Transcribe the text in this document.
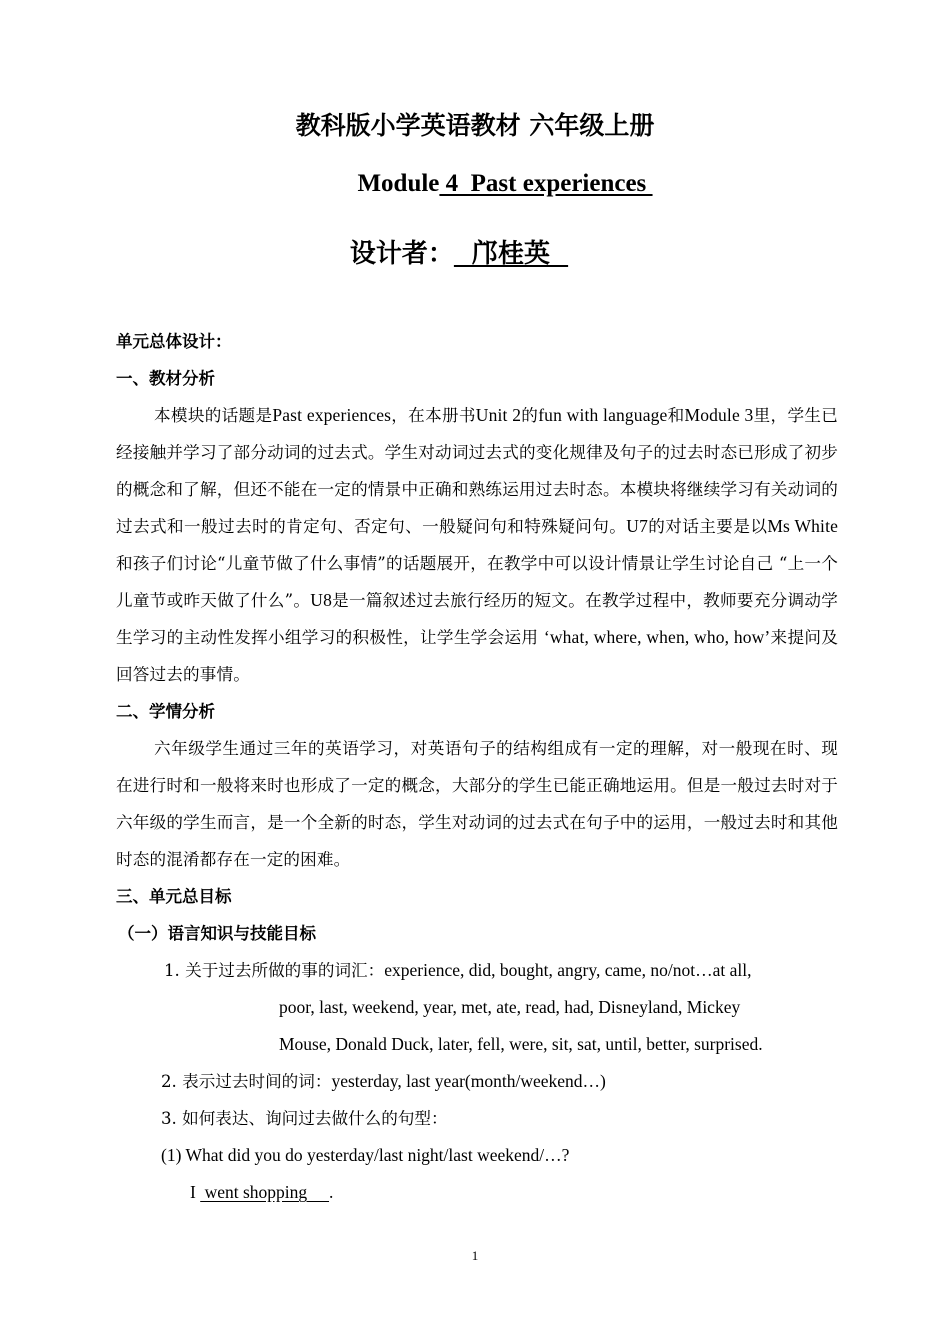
教科版小学英语教材 六年级上册
Module 4  Past experiences
设计者：  邝桂英
单元总体设计：
一、教材分析
本模块的话题是Past experiences，在本册书Unit 2的fun with language和Module 3里，学生已经接触并学习了部分动词的过去式。学生对动词过去式的变化规律及句子的过去时态已形成了初步的概念和了解，但还不能在一定的情景中正确和熟练运用过去时态。本模块将继续学习有关动词的过去式和一般过去时的肯定句、否定句、一般疑问句和特殊疑问句。U7的对话主要是以Ms White和孩子们讨论“儿童节做了什么事情”的话题展开，在教学中可以设计情景让学生讨论自己 “上一个儿童节或昨天做了什么”。U8是一篇叙述过去旅行经历的短文。在教学过程中，教师要充分调动学生学习的主动性发挥小组学习的积极性，让学生学会运用 ‘what, where, when, who, how’来提问及回答过去的事情。
二、学情分析
六年级学生通过三年的英语学习，对英语句子的结构组成有一定的理解，对一般现在时、现在进行时和一般将来时也形成了一定的概念，大部分的学生已能正确地运用。但是一般过去时对于六年级的学生而言，是一个全新的时态，学生对动词的过去式在句子中的运用，一般过去时和其他时态的混淆都存在一定的困难。
三、单元总目标
（一）语言知识与技能目标
1. 关于过去所做的事的词汇：experience, did, bought, angry, came, no/not…at all,
poor, last, weekend, year, met, ate, read, had, Disneyland, Mickey
Mouse, Donald Duck, later, fell, were, sit, sat, until, better, surprised.
2. 表示过去时间的词：yesterday, last year(month/weekend…)
3. 如何表达、询问过去做什么的句型：
(1) What did you do yesterday/last night/last weekend/…?
I  went shopping     .
1
